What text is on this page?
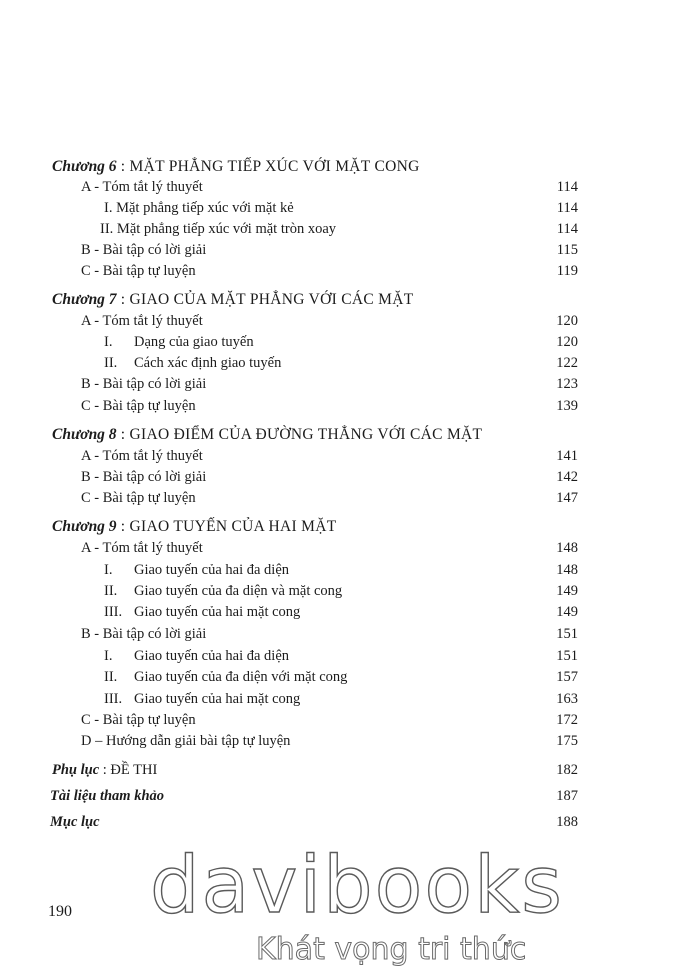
Chương 6 : MẶT PHẲNG TIẾP XÚC VỚI MẶT CONG
A - Tóm tắt lý thuyết	114
I. Mặt phẳng tiếp xúc với mặt kẻ	114
II. Mặt phẳng tiếp xúc với mặt tròn xoay	114
B - Bài tập có lời giải	115
C - Bài tập tự luyện	119
Chương 7 : GIAO CỦA MẶT PHẲNG VỚI CÁC MẶT
A - Tóm tắt lý thuyết	120
I. Dạng của giao tuyến	120
II. Cách xác định giao tuyến	122
B - Bài tập có lời giải	123
C - Bài tập tự luyện	139
Chương 8 : GIAO ĐIỂM CỦA ĐƯỜNG THẲNG VỚI CÁC MẶT
A - Tóm tắt lý thuyết	141
B - Bài tập có lời giải	142
C - Bài tập tự luyện	147
Chương 9 : GIAO TUYẾN CỦA HAI MẶT
A - Tóm tắt lý thuyết	148
I. Giao tuyến của hai đa diện	148
II. Giao tuyến của đa diện và mặt cong	149
III. Giao tuyến của hai mặt cong	149
B - Bài tập có lời giải	151
I. Giao tuyến của hai đa diện	151
II. Giao tuyến của đa diện với mặt cong	157
III. Giao tuyến của hai mặt cong	163
C - Bài tập tự luyện	172
D – Hướng dẫn giải bài tập tự luyện	175
Phụ lục : ĐỀ THI	182
Tài liệu tham khảo	187
Mục lục	188
190 davibooks
Khát vọng tri thức
